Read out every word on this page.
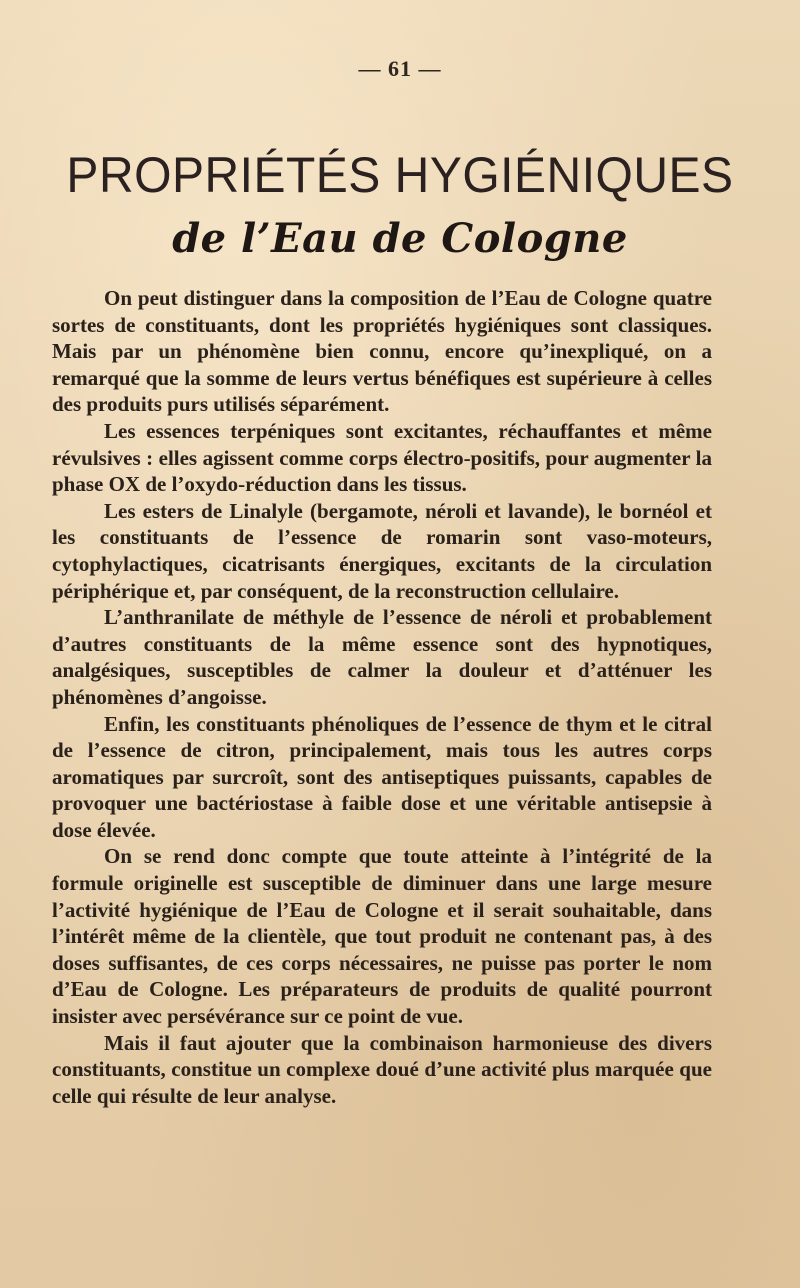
— 61 —
PROPRIÉTÉS HYGIÉNIQUES
de l’Eau de Cologne

On peut distinguer dans la composition de l’Eau de Cologne quatre sortes de constituants, dont les propriétés hygiéniques sont classiques. Mais par un phénomène bien connu, encore qu’inexpliqué, on a remarqué que la somme de leurs vertus bénéfiques est supérieure à celles des produits purs utilisés séparément.

Les essences terpéniques sont excitantes, réchauffantes et même révulsives : elles agissent comme corps électro-positifs, pour augmenter la phase OX de l’oxydo-réduction dans les tissus.

Les esters de Linalyle (bergamote, néroli et lavande), le bornéol et les constituants de l’essence de romarin sont vaso-moteurs, cytophylactiques, cicatrisants énergiques, excitants de la circulation périphérique et, par conséquent, de la reconstruction cellulaire.

L’anthranilate de méthyle de l’essence de néroli et probablement d’autres constituants de la même essence sont des hypnotiques, analgésiques, susceptibles de calmer la douleur et d’atténuer les phénomènes d’angoisse.

Enfin, les constituants phénoliques de l’essence de thym et le citral de l’essence de citron, principalement, mais tous les autres corps aromatiques par surcroît, sont des antiseptiques puissants, capables de provoquer une bactériostase à faible dose et une véritable antisepsie à dose élevée.

On se rend donc compte que toute atteinte à l’intégrité de la formule originelle est susceptible de diminuer dans une large mesure l’activité hygiénique de l’Eau de Cologne et il serait souhaitable, dans l’intérêt même de la clientèle, que tout produit ne contenant pas, à des doses suffisantes, de ces corps nécessaires, ne puisse pas porter le nom d’Eau de Cologne. Les préparateurs de produits de qualité pourront insister avec persévérance sur ce point de vue.

Mais il faut ajouter que la combinaison harmonieuse des divers constituants, constitue un complexe doué d’une activité plus marquée que celle qui résulte de leur analyse.
